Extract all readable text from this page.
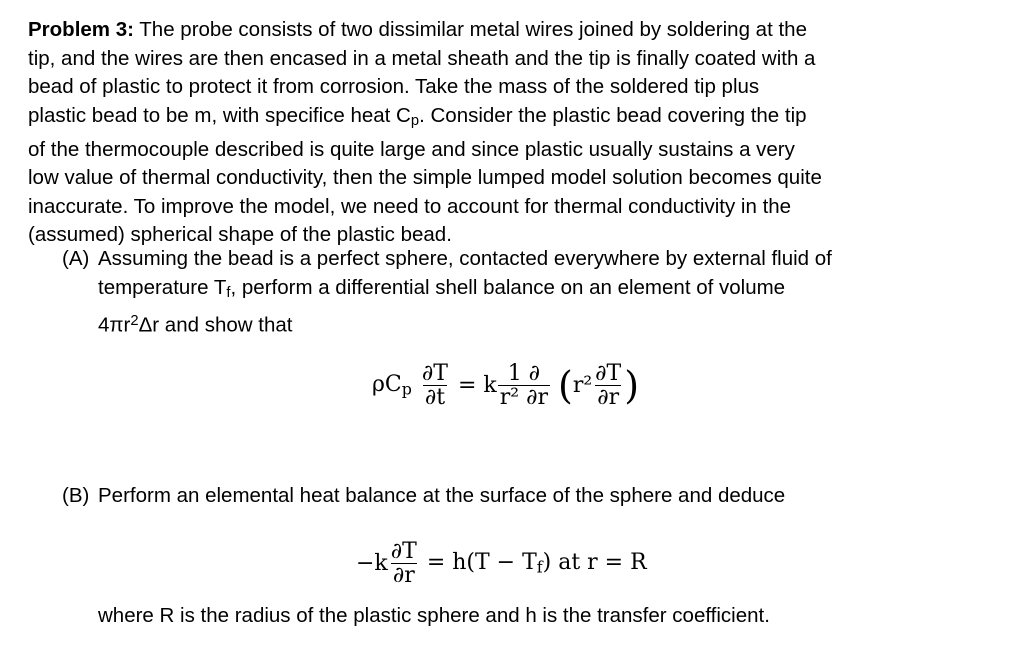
Problem 3: The probe consists of two dissimilar metal wires joined by soldering at the
tip, and the wires are then encased in a metal sheath and the tip is finally coated with a
bead of plastic to protect it from corrosion. Take the mass of the soldered tip plus
plastic bead to be m, with specifice heat $C_p$. Consider the plastic bead covering the tip
of the thermocouple described is quite large and since plastic usually sustains a very
low value of thermal conductivity, then the simple lumped model solution becomes quite
inaccurate. To improve the model, we need to account for thermal conductivity in the
(assumed) spherical shape of the plastic bead.
(A) Assuming the bead is a perfect sphere, contacted everywhere by external fluid of
temperature $T_f$, perform a differential shell balance on an element of volume
$4\pi r^2\Delta r$ and show that
$\rho C_p \frac{\partial T}{\partial t} = k \frac{1 \partial}{\text{r² ∂r}} (r^2 \frac{\partial T}{\partial r}$ )
(B) Perform an elemental heat balance at the surface of the sphere and deduce
$-k \frac{\partial T}{\partial r} = h(T - T_f)$ at r = R
where R is the radius of the plastic sphere and h is the transfer coefficient.
